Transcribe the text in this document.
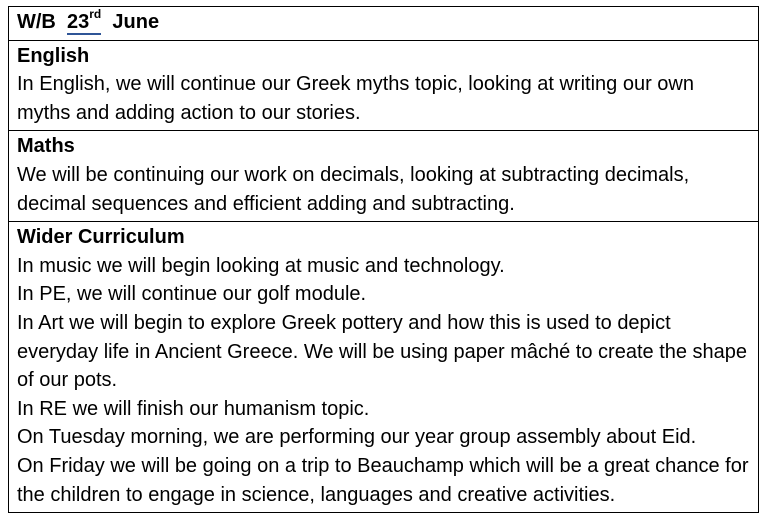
W/B 23rd June

English
In English, we will continue our Greek myths topic, looking at writing our own myths and adding action to our stories.

Maths
We will be continuing our work on decimals, looking at subtracting decimals, decimal sequences and efficient adding and subtracting.

Wider Curriculum
In music we will begin looking at music and technology.
In PE, we will continue our golf module.
In Art we will begin to explore Greek pottery and how this is used to depict everyday life in Ancient Greece. We will be using paper mâché to create the shape of our pots.
In RE we will finish our humanism topic.
On Tuesday morning, we are performing our year group assembly about Eid.
On Friday we will be going on a trip to Beauchamp which will be a great chance for the children to engage in science, languages and creative activities.
